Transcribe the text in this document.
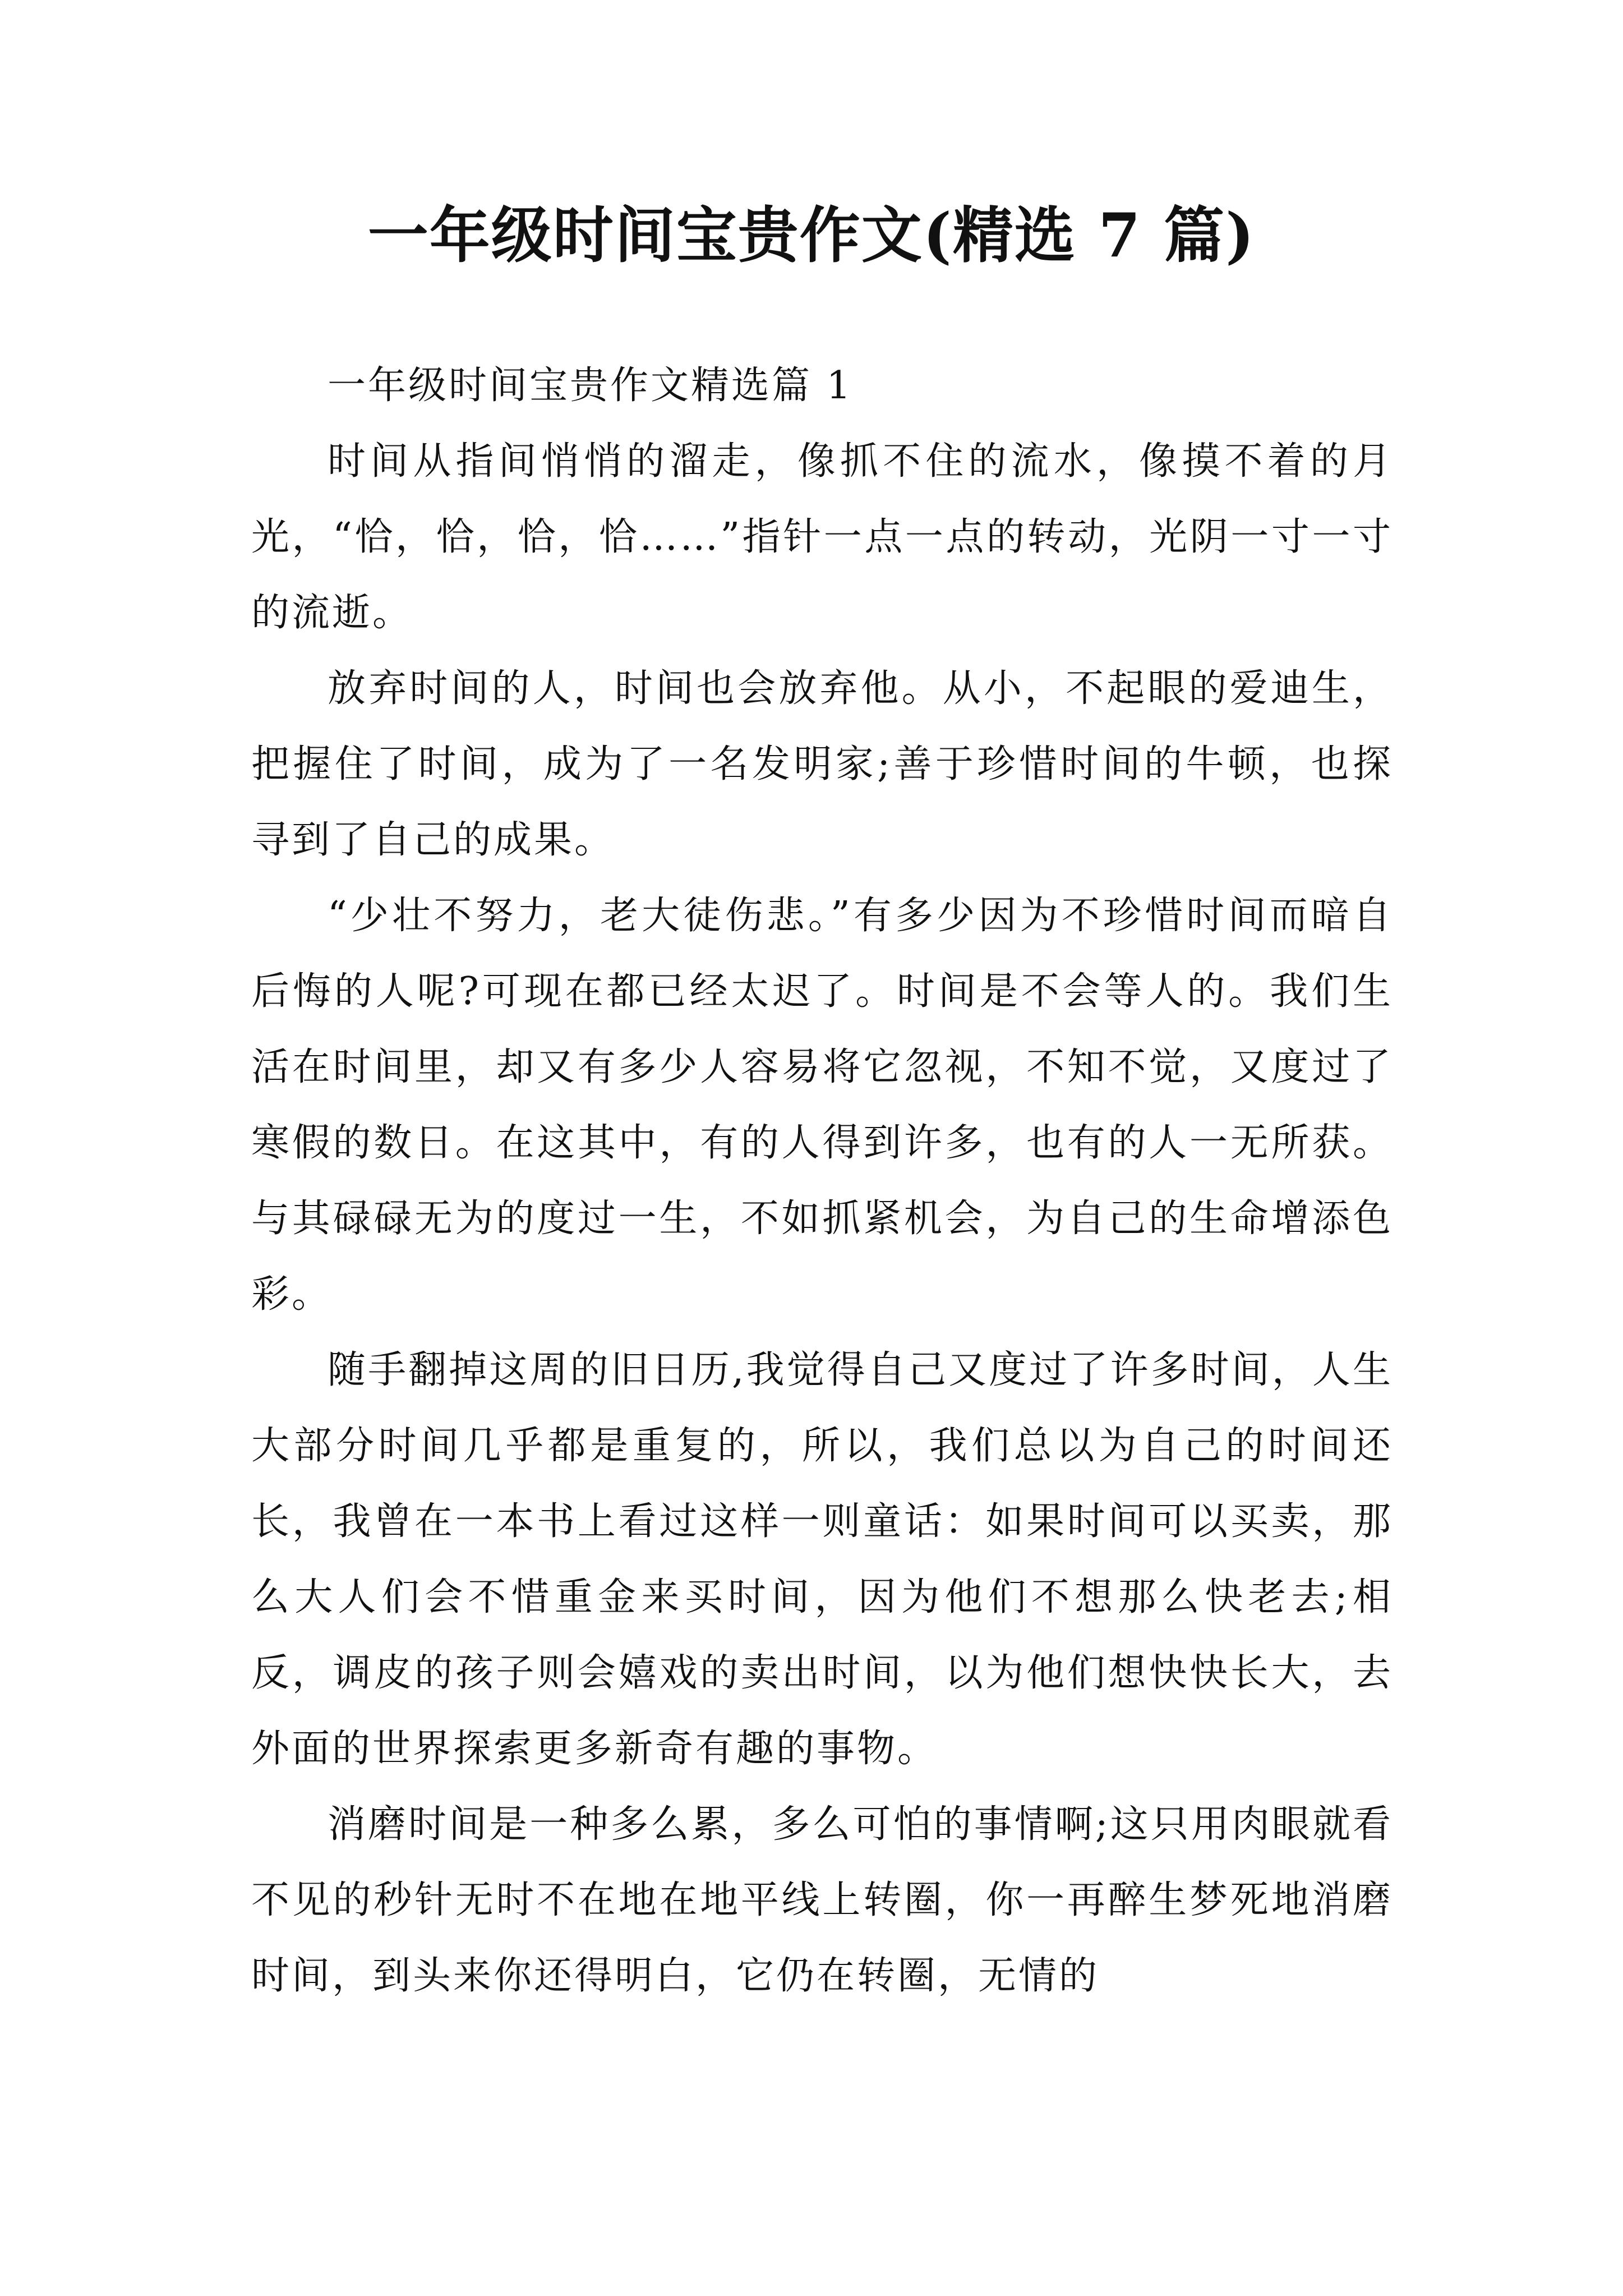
一年级时间宝贵作文(精选 7 篇)

一年级时间宝贵作文精选篇 1

时间从指间悄悄的溜走，像抓不住的流水，像摸不着的月光，“恰，恰，恰，恰……”指针一点一点的转动，光阴一寸一寸的流逝。

放弃时间的人，时间也会放弃他。从小，不起眼的爱迪生，把握住了时间，成为了一名发明家;善于珍惜时间的牛顿，也探寻到了自己的成果。

“少壮不努力，老大徒伤悲。”有多少因为不珍惜时间而暗自后悔的人呢?可现在都已经太迟了。时间是不会等人的。我们生活在时间里，却又有多少人容易将它忽视，不知不觉，又度过了寒假的数日。在这其中，有的人得到许多，也有的人一无所获。与其碌碌无为的度过一生，不如抓紧机会，为自己的生命增添色彩。

随手翻掉这周的旧日历,我觉得自己又度过了许多时间，人生大部分时间几乎都是重复的，所以，我们总以为自己的时间还长，我曾在一本书上看过这样一则童话：如果时间可以买卖，那么大人们会不惜重金来买时间，因为他们不想那么快老去;相反，调皮的孩子则会嬉戏的卖出时间，以为他们想快快长大，去外面的世界探索更多新奇有趣的事物。

消磨时间是一种多么累，多么可怕的事情啊;这只用肉眼就看不见的秒针无时不在地在地平线上转圈，你一再醉生梦死地消磨时间，到头来你还得明白，它仍在转圈，无情的
